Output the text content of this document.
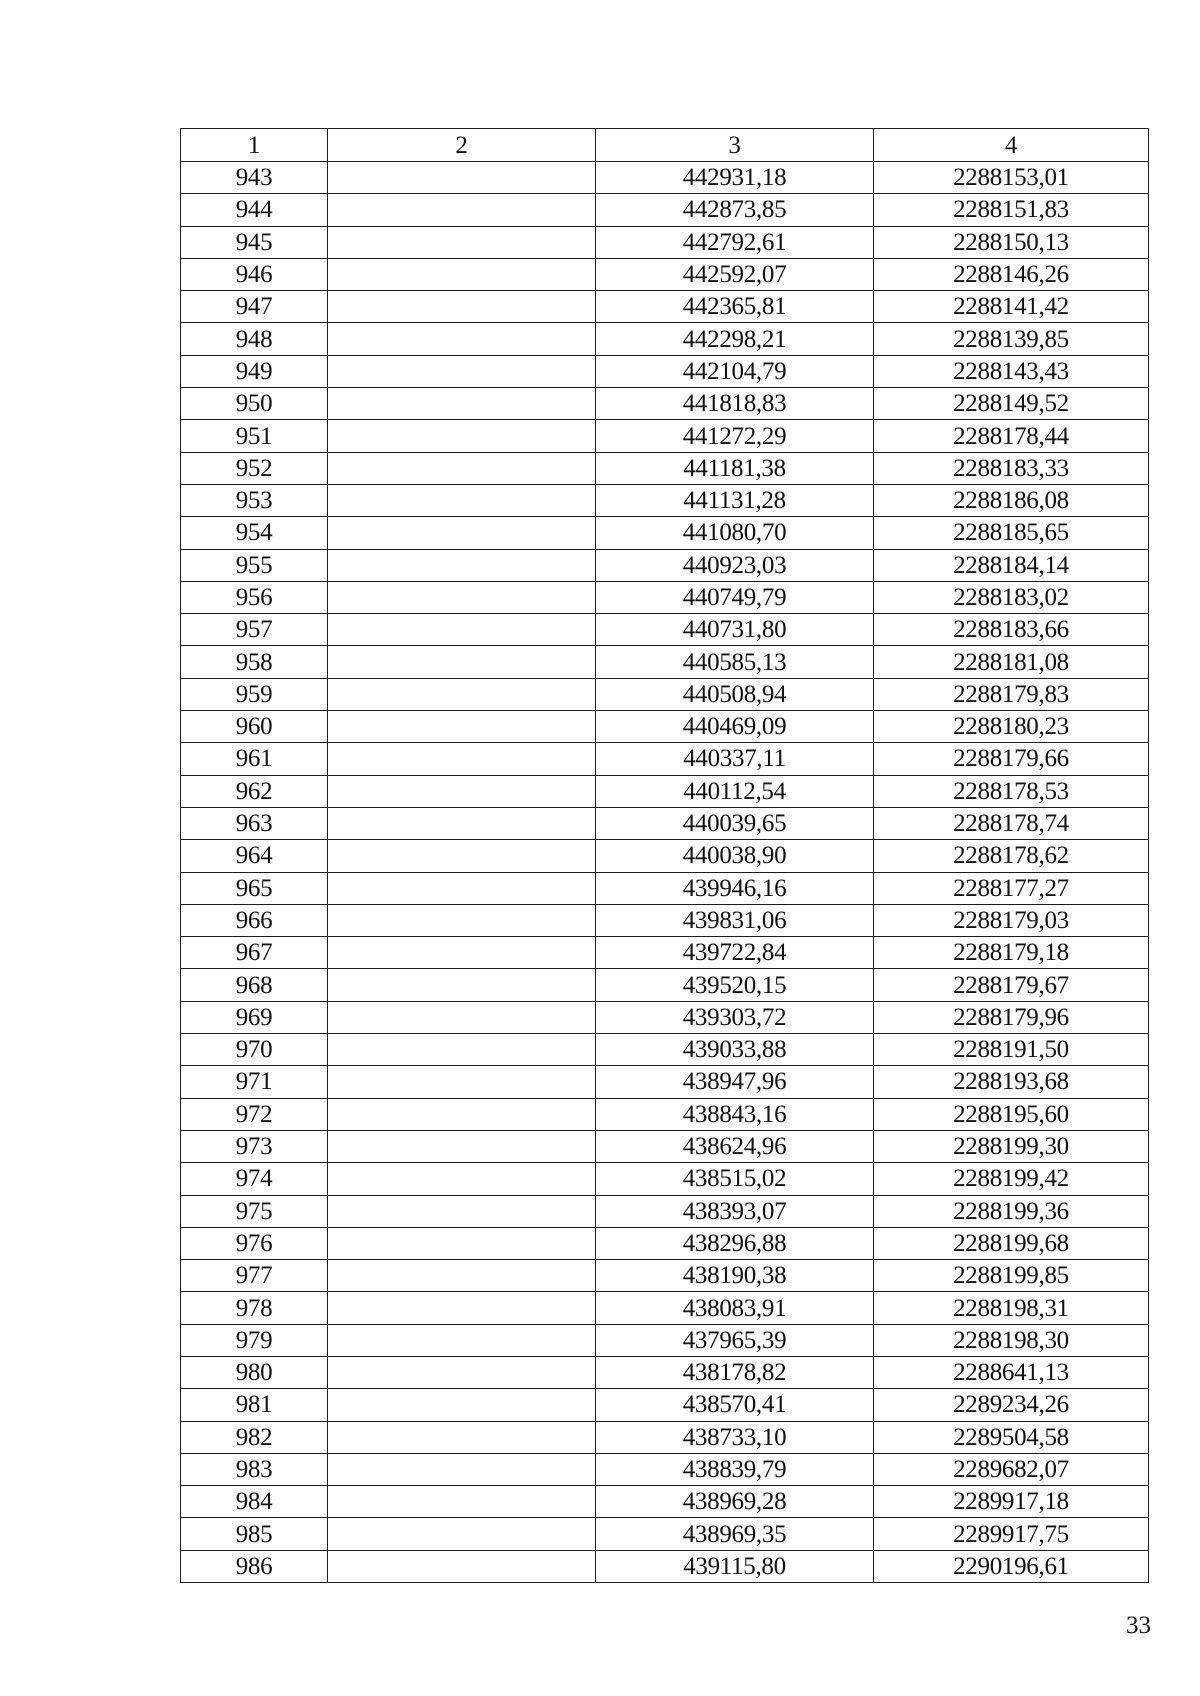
1	2	3	4
943		442931,18	2288153,01
944		442873,85	2288151,83
945		442792,61	2288150,13
946		442592,07	2288146,26
947		442365,81	2288141,42
948		442298,21	2288139,85
949		442104,79	2288143,43
950		441818,83	2288149,52
951		441272,29	2288178,44
952		441181,38	2288183,33
953		441131,28	2288186,08
954		441080,70	2288185,65
955		440923,03	2288184,14
956		440749,79	2288183,02
957		440731,80	2288183,66
958		440585,13	2288181,08
959		440508,94	2288179,83
960		440469,09	2288180,23
961		440337,11	2288179,66
962		440112,54	2288178,53
963		440039,65	2288178,74
964		440038,90	2288178,62
965		439946,16	2288177,27
966		439831,06	2288179,03
967		439722,84	2288179,18
968		439520,15	2288179,67
969		439303,72	2288179,96
970		439033,88	2288191,50
971		438947,96	2288193,68
972		438843,16	2288195,60
973		438624,96	2288199,30
974		438515,02	2288199,42
975		438393,07	2288199,36
976		438296,88	2288199,68
977		438190,38	2288199,85
978		438083,91	2288198,31
979		437965,39	2288198,30
980		438178,82	2288641,13
981		438570,41	2289234,26
982		438733,10	2289504,58
983		438839,79	2289682,07
984		438969,28	2289917,18
985		438969,35	2289917,75
986		439115,80	2290196,61
33
